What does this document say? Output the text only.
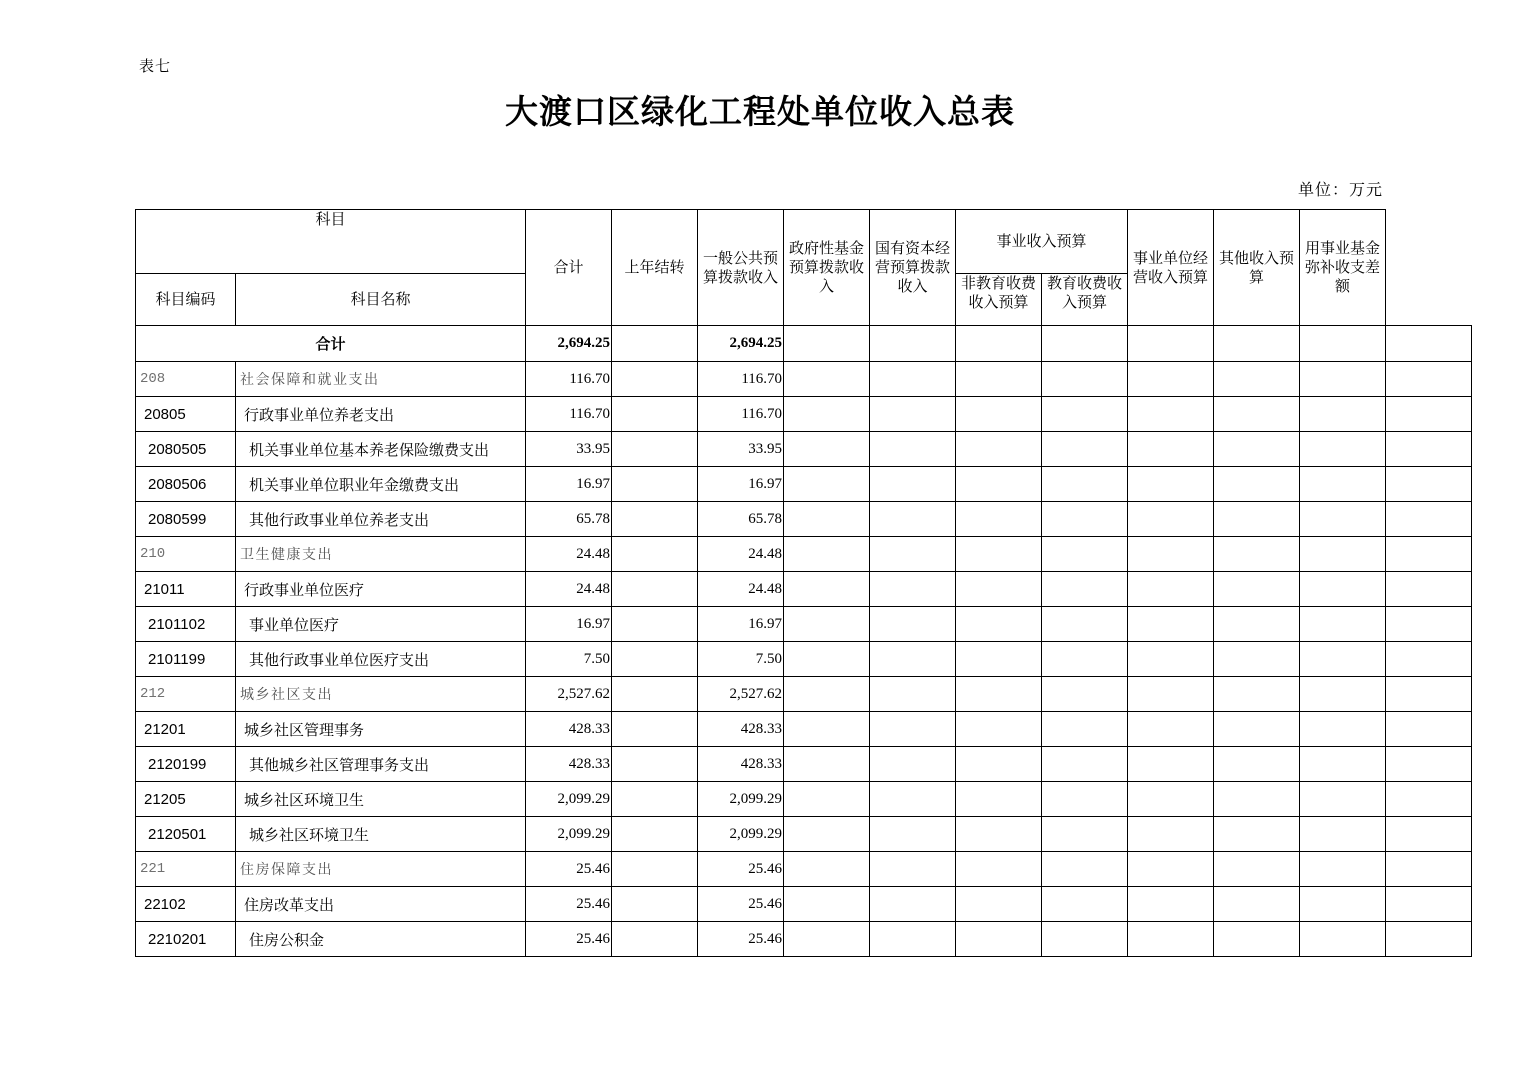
表七
大渡口区绿化工程处单位收入总表
单位：万元
科目		合计	上年结转	一般公共预算拨款收入	政府性基金预算拨款收入	国有资本经营预算拨款收入	事业收入预算		事业单位经营收入预算	其他收入预算	用事业基金弥补收支差额	
科目编码	科目名称						非教育收费收入预算	教育收费收入预算				
合计		2,694.25		2,694.25								
208	社会保障和就业支出	116.70		116.70								
20805	行政事业单位养老支出	116.70		116.70								
2080505	机关事业单位基本养老保险缴费支出	33.95		33.95								
2080506	机关事业单位职业年金缴费支出	16.97		16.97								
2080599	其他行政事业单位养老支出	65.78		65.78								
210	卫生健康支出	24.48		24.48								
21011	行政事业单位医疗	24.48		24.48								
2101102	事业单位医疗	16.97		16.97								
2101199	其他行政事业单位医疗支出	7.50		7.50								
212	城乡社区支出	2,527.62		2,527.62								
21201	城乡社区管理事务	428.33		428.33								
2120199	其他城乡社区管理事务支出	428.33		428.33								
21205	城乡社区环境卫生	2,099.29		2,099.29								
2120501	城乡社区环境卫生	2,099.29		2,099.29								
221	住房保障支出	25.46		25.46								
22102	住房改革支出	25.46		25.46								
2210201	住房公积金	25.46		25.46								
